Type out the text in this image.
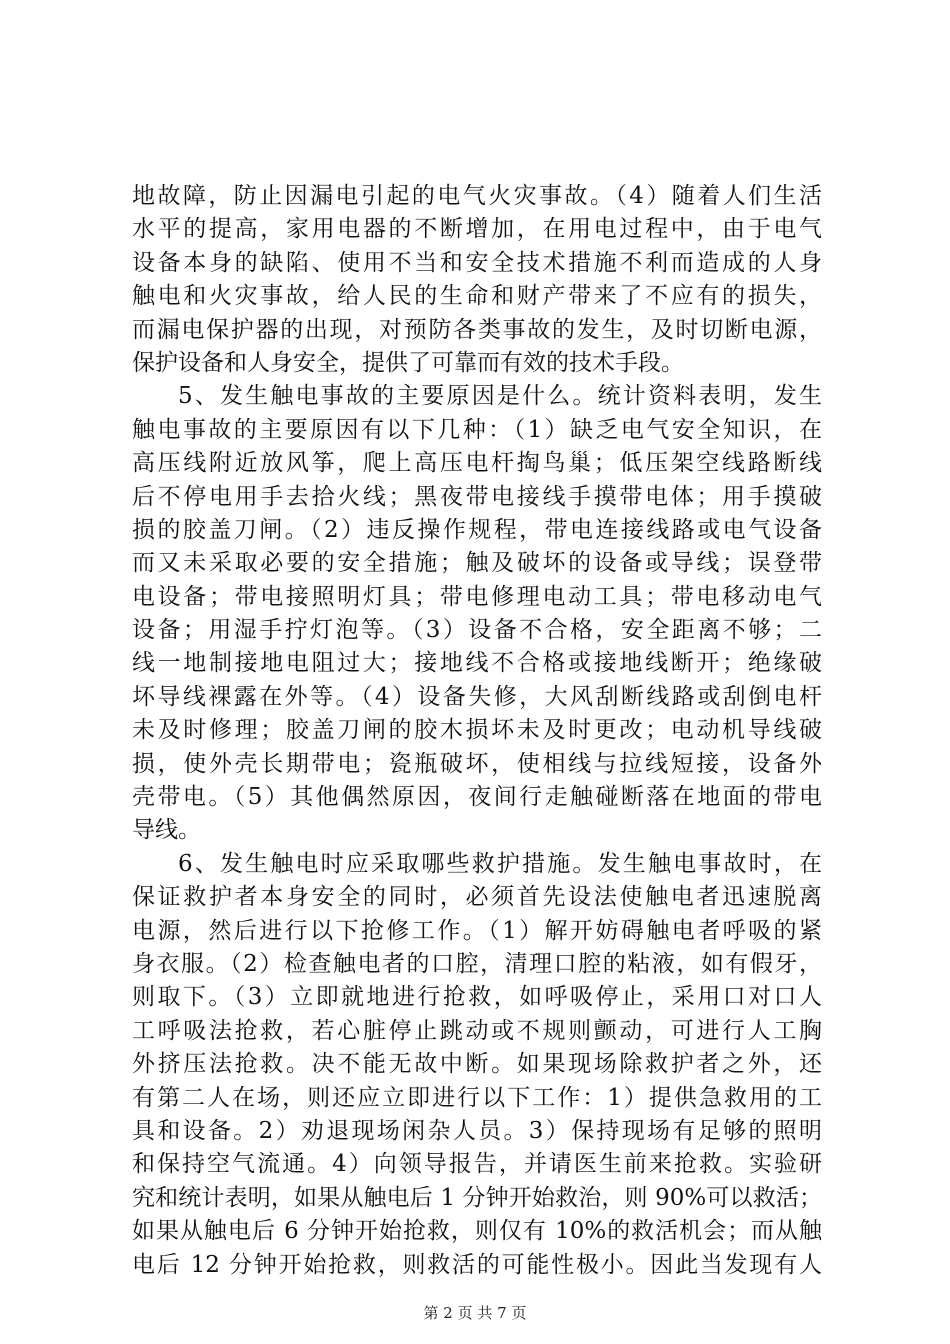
地故障，防止因漏电引起的电气火灾事故。（4）随着人们生活
水平的提高，家用电器的不断增加，在用电过程中，由于电气
设备本身的缺陷、使用不当和安全技术措施不利而造成的人身
触电和火灾事故，给人民的生命和财产带来了不应有的损失，
而漏电保护器的出现，对预防各类事故的发生，及时切断电源，
保护设备和人身安全，提供了可靠而有效的技术手段。
5、发生触电事故的主要原因是什么。统计资料表明，发生
触电事故的主要原因有以下几种：（1）缺乏电气安全知识，在
高压线附近放风筝，爬上高压电杆掏鸟巢；低压架空线路断线
后不停电用手去拾火线；黑夜带电接线手摸带电体；用手摸破
损的胶盖刀闸。（2）违反操作规程，带电连接线路或电气设备
而又未采取必要的安全措施；触及破坏的设备或导线；误登带
电设备；带电接照明灯具；带电修理电动工具；带电移动电气
设备；用湿手拧灯泡等。（3）设备不合格，安全距离不够；二
线一地制接地电阻过大；接地线不合格或接地线断开；绝缘破
坏导线裸露在外等。（4）设备失修，大风刮断线路或刮倒电杆
未及时修理；胶盖刀闸的胶木损坏未及时更改；电动机导线破
损，使外壳长期带电；瓷瓶破坏，使相线与拉线短接，设备外
壳带电。（5）其他偶然原因，夜间行走触碰断落在地面的带电
导线。
6、发生触电时应采取哪些救护措施。发生触电事故时，在
保证救护者本身安全的同时，必须首先设法使触电者迅速脱离
电源，然后进行以下抢修工作。（1）解开妨碍触电者呼吸的紧
身衣服。（2）检查触电者的口腔，清理口腔的粘液，如有假牙，
则取下。（3）立即就地进行抢救，如呼吸停止，采用口对口人
工呼吸法抢救，若心脏停止跳动或不规则颤动，可进行人工胸
外挤压法抢救。决不能无故中断。如果现场除救护者之外，还
有第二人在场，则还应立即进行以下工作：1）提供急救用的工
具和设备。2）劝退现场闲杂人员。3）保持现场有足够的照明
和保持空气流通。4）向领导报告，并请医生前来抢救。实验研
究和统计表明，如果从触电后 1 分钟开始救治，则 90%可以救活；
如果从触电后 6 分钟开始抢救，则仅有 10%的救活机会；而从触
电后 12 分钟开始抢救，则救活的可能性极小。因此当发现有人
第 2 页 共 7 页
